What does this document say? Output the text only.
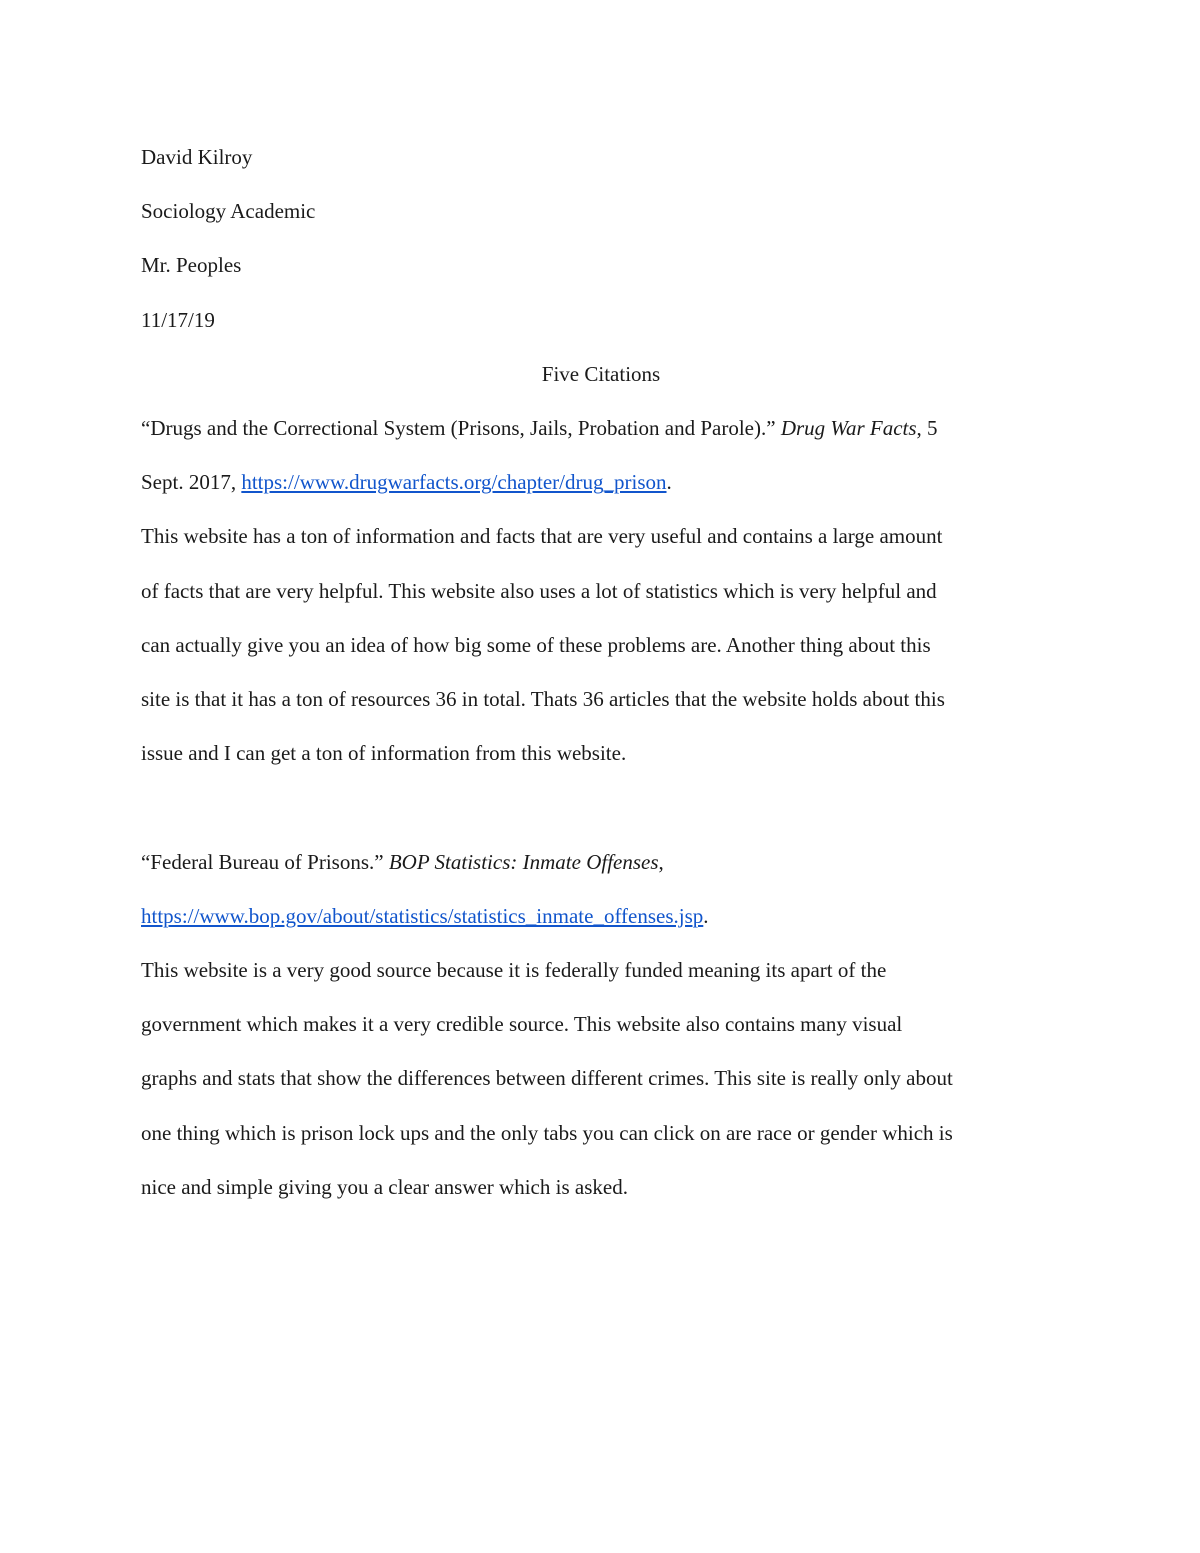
David Kilroy

Sociology Academic

Mr. Peoples

11/17/19

Five Citations

“Drugs and the Correctional System (Prisons, Jails, Probation and Parole).” Drug War Facts, 5

Sept. 2017, https://www.drugwarfacts.org/chapter/drug_prison.

This website has a ton of information and facts that are very useful and contains a large amount

of facts that are very helpful. This website also uses a lot of statistics which is very helpful and

can actually give you an idea of how big some of these problems are. Another thing about this

site is that it has a ton of resources 36 in total. Thats 36 articles that the website holds about this

issue and I can get a ton of information from this website.

“Federal Bureau of Prisons.” BOP Statistics: Inmate Offenses,

https://www.bop.gov/about/statistics/statistics_inmate_offenses.jsp.

This website is a very good source because it is federally funded meaning its apart of the

government which makes it a very credible source. This website also contains many visual

graphs and stats that show the differences between different crimes. This site is really only about

one thing which is prison lock ups and the only tabs you can click on are race or gender which is

nice and simple giving you a clear answer which is asked.
